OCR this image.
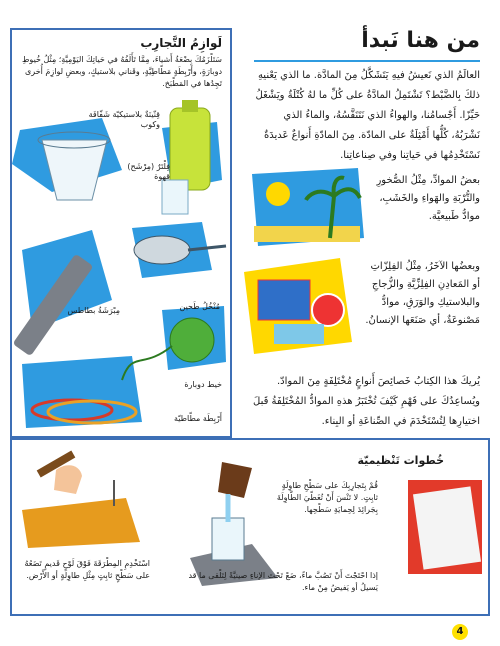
لَوازِمُ التَّجارِب
سَتَلْزَمُكَ بِضْعَةُ أَشياءَ، مِمَّا تَأَلَفُهُ في حَياتِكَ اليَوْمِيَّةِ؛ مِثْلُ خُيوطِ دوبارَةٍ، وأَرْبِطَةٍ مَطّاطِيَّةٍ، وقَناني بلاستيكٍ، وبعضِ لوازِمَ أُخرى تَجِدُها في المَطْبَخ.
قِنّينَةٌ بلاستيكيّة شَفّافَة وكوب
فِلْتَرٌ (مِرْشَح) قهوة
مُنْخُلُ طَحين
مِبْرَشَةُ بطاطس
خيط دوبارة
أَرْبِطَة مطّاطيّة
من هنا نَبدأ
العالَمُ الذي نَعيشُ فيهِ يَتَشَكَّلُ مِنَ المادَّة. ما الذي يَعْنيهِ ذلكَ بِالضَّبْط؟ تَشْتَمِلُ المادَّةُ على كُلِّ ما لهُ كُتْلَةٌ ويَشْغَلُ حَيِّزًا. أَجْسامُنا، والهواءُ الذي نَتَنَفَّسُهُ، والماءُ الذي نَشْرَبُهُ، كُلُّها أَمْثِلَةٌ على المادّة. مِنَ المادّةِ أَنواعٌ عَديدَةٌ نَسْتَخْدِمُها في حَياتِنا وفي صِناعاتِنا.
بعضُ الموادِّ، مِثْلُ الصُّخورِ والتُّرْبَةِ والهَواءِ والخَشَبِ، موادُّ طَبيعيَّة.
وبعضُها الآخَرُ، مِثْلُ الفِلِزّاتِ أو المَعادِنِ الفِلِزِّيَّةِ والزُّجاجِ والبلاستيكِ والوَرَقِ، موادُّ مَصْنوعَةٌ، أي صَنَعَها الإنسانُ.
يُريكَ هذا الكِتابُ خَصائِصَ أَنواعٍ مُخْتَلِفَةٍ مِنَ الموادّ. ويُساعِدُكَ على فَهْمِ كَيْفَ تُخْتَبَرُ هذهِ الموادُّ المُخْتَلِفَةُ قَبلَ اختيارِها لِتُسْتَخْدَمَ في الصِّناعَةِ أو البِناء.
خُطوات تَنْظيميّة
قُمْ بِتَجارِبِكَ على سَطْحِ طاوِلَةٍ ثابِتٍ. لا تَنْسَ أَنْ تُغَطّيَ الطّاوِلَةَ بِجَرائِدَ لِحِمايَةِ سَطْحِها.
إذا احْتَجْتَ أَنْ تَصُبَّ ماءً، ضَعْ تَحْتَ الإناءِ صينيَّةً لِتَلْقى ما قد يَسيلُ أو يَفيضُ مِنْ ماء.
اسْتَخْدِمِ المِطْرَقَةَ فَوْقَ لَوْحٍ قَديمٍ تَضَعُهُ على سَطْحٍ ثابِتٍ مِثْلِ طاوِلَةٍ أو الأَرْض.
4
